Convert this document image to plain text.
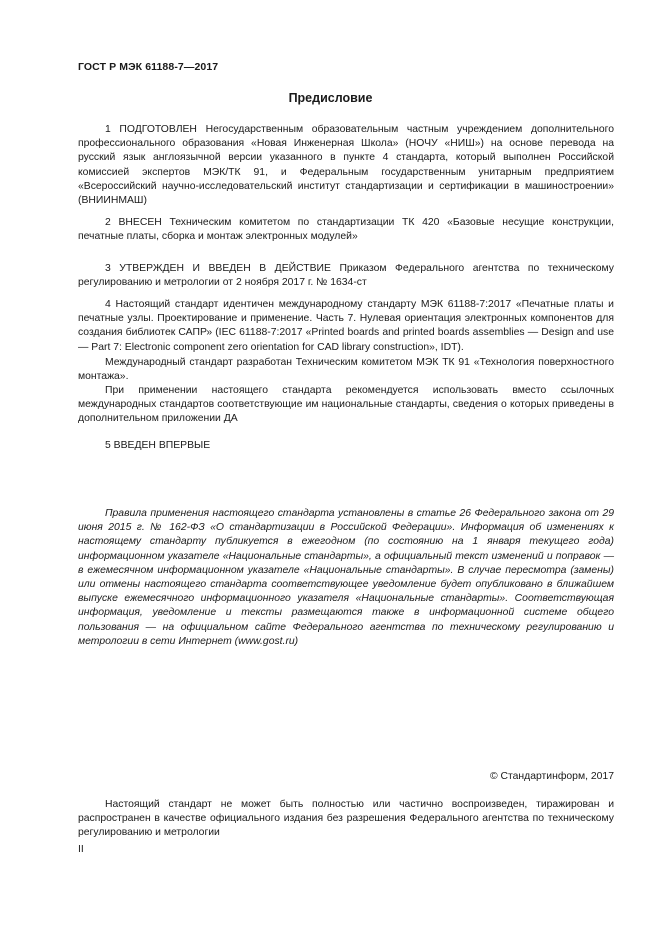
ГОСТ Р МЭК 61188-7—2017
Предисловие

1 ПОДГОТОВЛЕН Негосударственным образовательным частным учреждением дополнительного профессионального образования «Новая Инженерная Школа» (НОЧУ «НИШ») на основе перевода на русский язык англоязычной версии указанного в пункте 4 стандарта, который выполнен Российской комиссией экспертов МЭК/ТК 91, и Федеральным государственным унитарным предприятием «Всероссийский научно-исследовательский институт стандартизации и сертификации в машиностроении» (ВНИИНМАШ)

2 ВНЕСЕН Техническим комитетом по стандартизации ТК 420 «Базовые несущие конструкции, печатные платы, сборка и монтаж электронных модулей»

3 УТВЕРЖДЕН И ВВЕДЕН В ДЕЙСТВИЕ Приказом Федерального агентства по техническому регулированию и метрологии от 2 ноября 2017 г. № 1634-ст

4 Настоящий стандарт идентичен международному стандарту МЭК 61188-7:2017 «Печатные платы и печатные узлы. Проектирование и применение. Часть 7. Нулевая ориентация электронных компонентов для создания библиотек САПР» (IEC 61188-7:2017 «Printed boards and printed boards assemblies — Design and use — Part 7: Electronic component zero orientation for CAD library construction», IDT).

Международный стандарт разработан Техническим комитетом МЭК ТК 91 «Технология поверхностного монтажа».

При применении настоящего стандарта рекомендуется использовать вместо ссылочных международных стандартов соответствующие им национальные стандарты, сведения о которых приведены в дополнительном приложении ДА

5 ВВЕДЕН ВПЕРВЫЕ

Правила применения настоящего стандарта установлены в статье 26 Федерального закона от 29 июня 2015 г. № 162-ФЗ «О стандартизации в Российской Федерации». Информация об изменениях к настоящему стандарту публикуется в ежегодном (по состоянию на 1 января текущего года) информационном указателе «Национальные стандарты», а официальный текст изменений и поправок — в ежемесячном информационном указателе «Национальные стандарты». В случае пересмотра (замены) или отмены настоящего стандарта соответствующее уведомление будет опубликовано в ближайшем выпуске ежемесячного информационного указателя «Национальные стандарты». Соответствующая информация, уведомление и тексты размещаются также в информационной системе общего пользования — на официальном сайте Федерального агентства по техническому регулированию и метрологии в сети Интернет (www.gost.ru)

© Стандартинформ, 2017

Настоящий стандарт не может быть полностью или частично воспроизведен, тиражирован и распространен в качестве официального издания без разрешения Федерального агентства по техническому регулированию и метрологии

II
